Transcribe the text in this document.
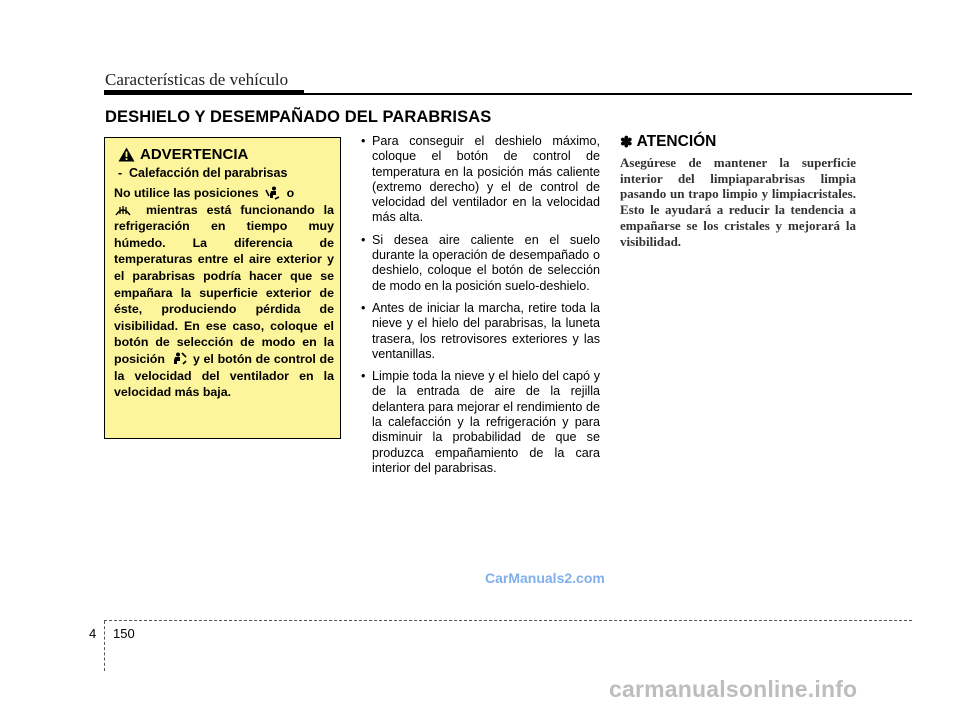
Características de vehículo
DESHIELO Y DESEMPAÑADO DEL PARABRISAS
ADVERTENCIA
- Calefacción del parabrisas
No utilice las posiciones o
mientras está funcionando la refrigeración en tiempo muy húmedo. La diferencia de temperaturas entre el aire exterior y el parabrisas podría hacer que se empañara la superficie exterior de éste, produciendo pérdida de visibilidad. En ese caso, coloque el botón de selección de modo en la posición y el botón de control de la velocidad del ventilador en la velocidad más baja.
• Para conseguir el deshielo máximo, coloque el botón de control de temperatura en la posición más caliente (extremo derecho) y el de control de velocidad del ventilador en la velocidad más alta.
• Si desea aire caliente en el suelo durante la operación de desempañado o deshielo, coloque el botón de selección de modo en la posición suelo-deshielo.
• Antes de iniciar la marcha, retire toda la nieve y el hielo del parabrisas, la luneta trasera, los retrovisores exteriores y las ventanillas.
• Limpie toda la nieve y el hielo del capó y de la entrada de aire de la rejilla delantera para mejorar el rendimiento de la calefacción y la refrigeración y para disminuir la probabilidad de que se produzca empañamiento de la cara interior del parabrisas.
✽ ATENCIÓN
Asegúrese de mantener la superficie interior del limpiaparabrisas limpia pasando un trapo limpio y limpiacristales. Esto le ayudará a reducir la tendencia a empañarse se los cristales y mejorará la visibilidad.
CarManuals2.com
4 150
carmanualsonline.info
